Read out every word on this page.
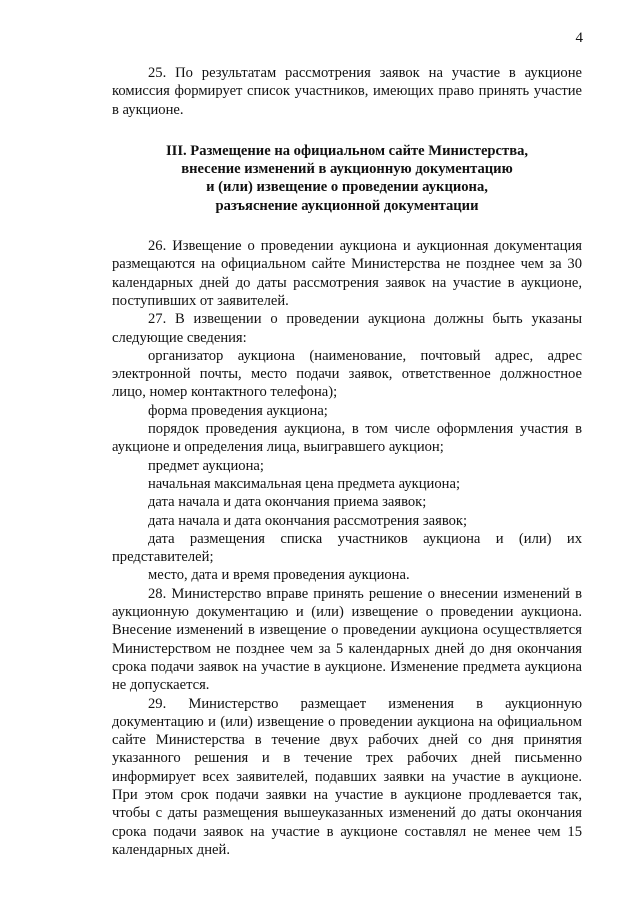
4

25. По результатам рассмотрения заявок на участие в аукционе комиссия формирует список участников, имеющих право принять участие в аукционе.

III. Размещение на официальном сайте Министерства,
внесение изменений в аукционную документацию
и (или) извещение о проведении аукциона,
разъяснение аукционной документации

26. Извещение о проведении аукциона и аукционная документация размещаются на официальном сайте Министерства не позднее чем за 30 календарных дней до даты рассмотрения заявок на участие в аукционе, поступивших от заявителей.

27. В извещении о проведении аукциона должны быть указаны следующие сведения:

организатор аукциона (наименование, почтовый адрес, адрес электронной почты, место подачи заявок, ответственное должностное лицо, номер контактного телефона);

форма проведения аукциона;

порядок проведения аукциона, в том числе оформления участия в аукционе и определения лица, выигравшего аукцион;

предмет аукциона;

начальная максимальная цена предмета аукциона;

дата начала и дата окончания приема заявок;

дата начала и дата окончания рассмотрения заявок;

дата размещения списка участников аукциона и (или) их представителей;

место, дата и время проведения аукциона.

28. Министерство вправе принять решение о внесении изменений в аукционную документацию и (или) извещение о проведении аукциона. Внесение изменений в извещение о проведении аукциона осуществляется Министерством не позднее чем за 5 календарных дней до дня окончания срока подачи заявок на участие в аукционе. Изменение предмета аукциона не допускается.

29. Министерство размещает изменения в аукционную документацию и (или) извещение о проведении аукциона на официальном сайте Министерства в течение двух рабочих дней со дня принятия указанного решения и в течение трех рабочих дней письменно информирует всех заявителей, подавших заявки на участие в аукционе. При этом срок подачи заявки на участие в аукционе продлевается так, чтобы с даты размещения вышеуказанных изменений до даты окончания срока подачи заявок на участие в аукционе составлял не менее чем 15 календарных дней.
